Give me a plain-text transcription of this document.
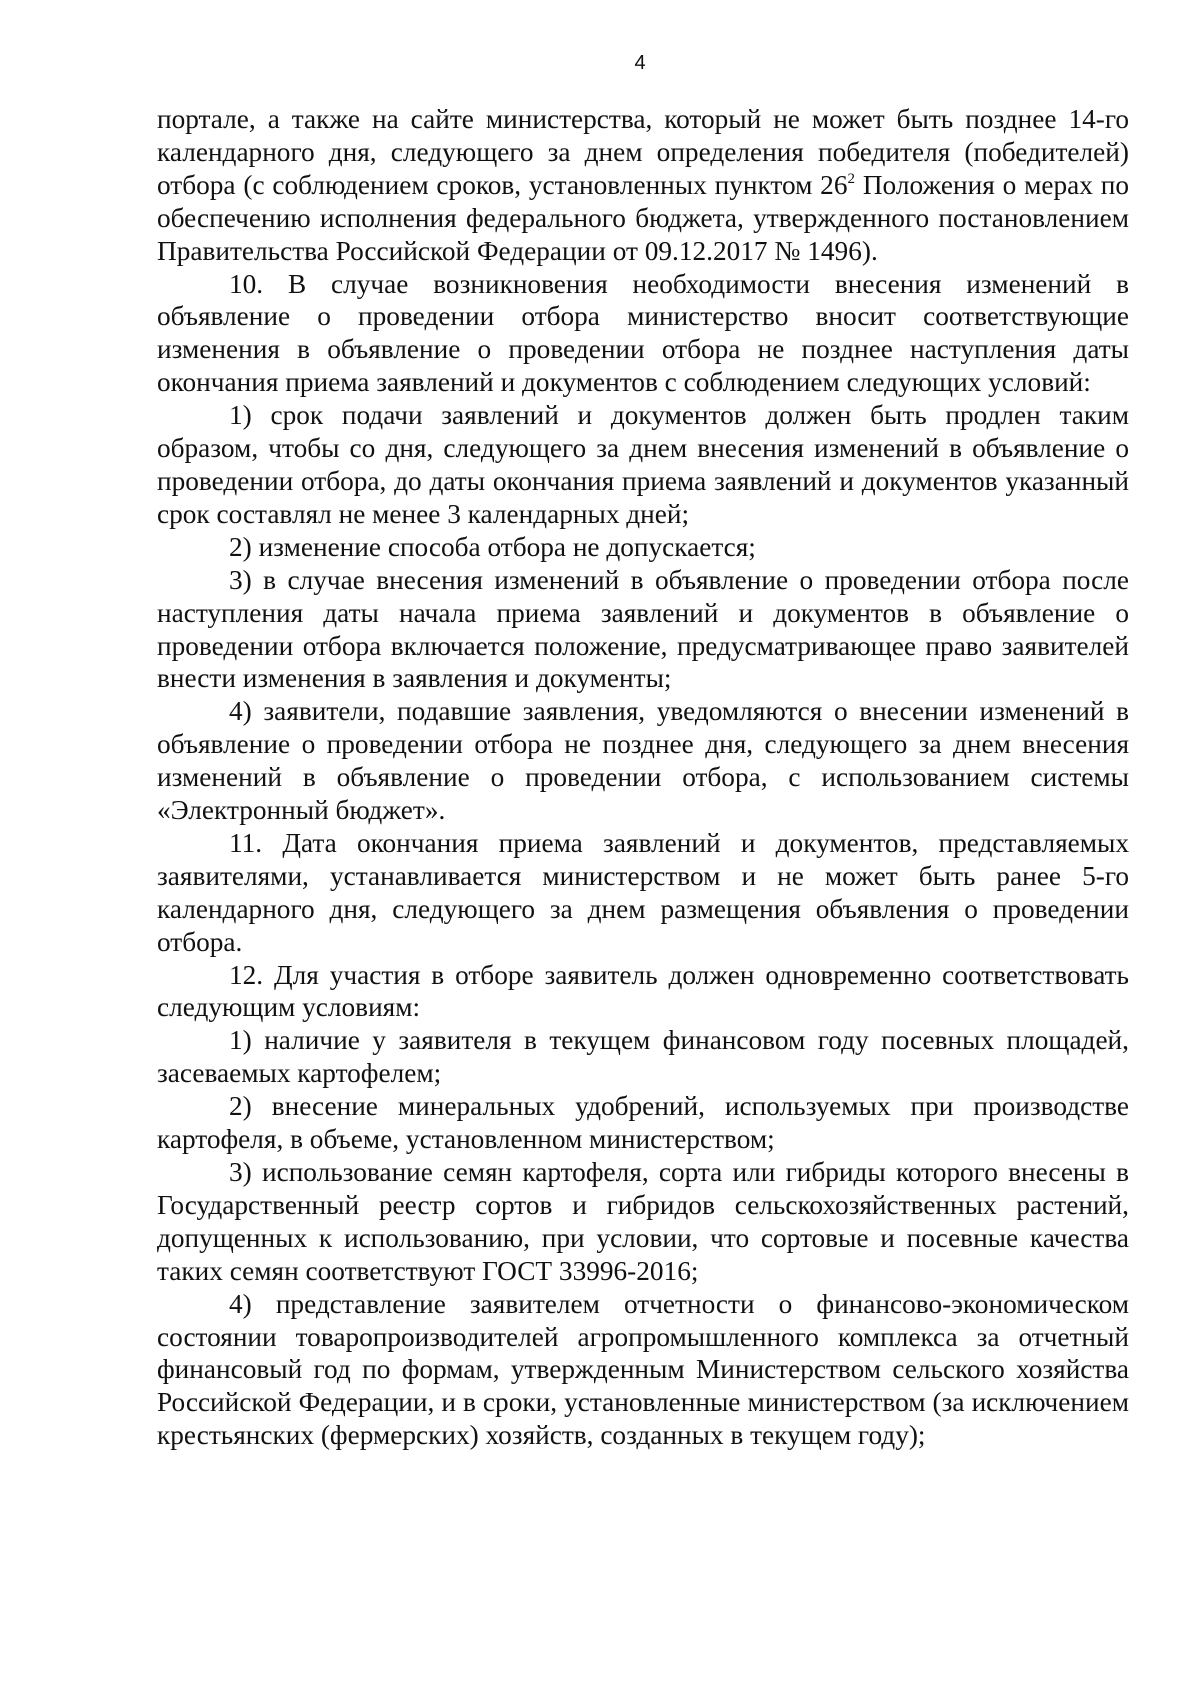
4

портале, а также на сайте министерства, который не может быть позднее 14-го календарного дня, следующего за днем определения победителя (победителей) отбора (с соблюдением сроков, установленных пунктом $26^2$ Положения о мерах по обеспечению исполнения федерального бюджета, утвержденного постановлением Правительства Российской Федерации от 09.12.2017 № 1496).

10. В случае возникновения необходимости внесения изменений в объявление о проведении отбора министерство вносит соответствующие изменения в объявление о проведении отбора не позднее наступления даты окончания приема заявлений и документов с соблюдением следующих условий:

1) срок подачи заявлений и документов должен быть продлен таким образом, чтобы со дня, следующего за днем внесения изменений в объявление о проведении отбора, до даты окончания приема заявлений и документов указанный срок составлял не менее 3 календарных дней;

2) изменение способа отбора не допускается;

3) в случае внесения изменений в объявление о проведении отбора после наступления даты начала приема заявлений и документов в объявление о проведении отбора включается положение, предусматривающее право заявителей внести изменения в заявления и документы;

4) заявители, подавшие заявления, уведомляются о внесении изменений в объявление о проведении отбора не позднее дня, следующего за днем внесения изменений в объявление о проведении отбора, с использованием системы «Электронный бюджет».

11. Дата окончания приема заявлений и документов, представляемых заявителями, устанавливается министерством и не может быть ранее 5-го календарного дня, следующего за днем размещения объявления о проведении отбора.

12. Для участия в отборе заявитель должен одновременно соответствовать следующим условиям:

1) наличие у заявителя в текущем финансовом году посевных площадей, засеваемых картофелем;

2) внесение минеральных удобрений, используемых при производстве картофеля, в объеме, установленном министерством;

3) использование семян картофеля, сорта или гибриды которого внесены в Государственный реестр сортов и гибридов сельскохозяйственных растений, допущенных к использованию, при условии, что сортовые и посевные качества таких семян соответствуют ГОСТ 33996-2016;

4) представление заявителем отчетности о финансово-экономическом состоянии товаропроизводителей агропромышленного комплекса за отчетный финансовый год по формам, утвержденным Министерством сельского хозяйства Российской Федерации, и в сроки, установленные министерством (за исключением крестьянских (фермерских) хозяйств, созданных в текущем году);
